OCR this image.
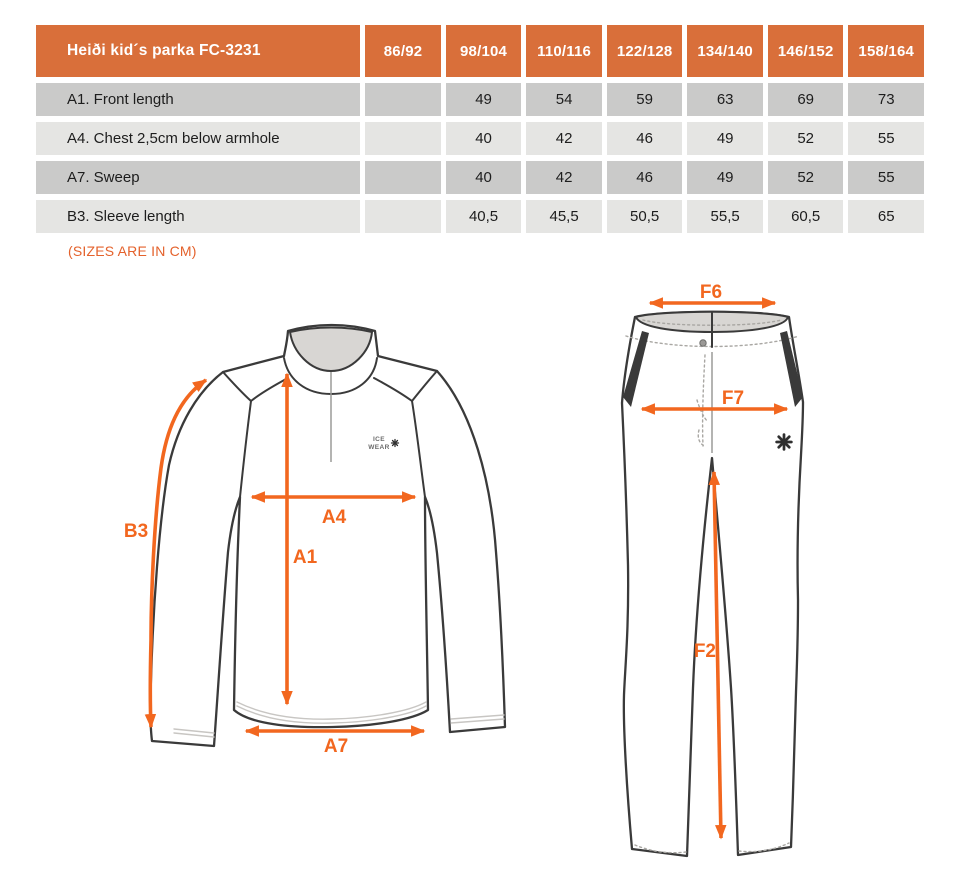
Heiði kid´s parka FC-3231	86/92	98/104	110/116	122/128	134/140	146/152	158/164
A1. Front length		49	54	59	63	69	73
A4. Chest 2,5cm below armhole		40	42	46	49	52	55
A7. Sweep		40	42	46	49	52	55
B3. Sleeve length		40,5	45,5	50,5	55,5	60,5	65
(SIZES ARE IN CM)
ICE
WEAR
B3
A4
A1
A7
F6
F7
F2
